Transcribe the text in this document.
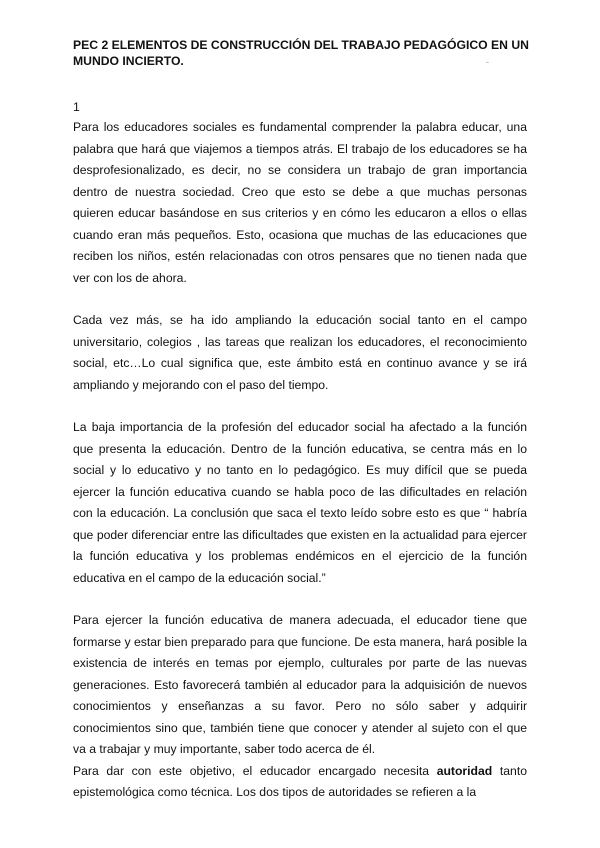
PEC 2 ELEMENTOS DE CONSTRUCCIÓN DEL TRABAJO PEDAGÓGICO EN UN MUNDO INCIERTO.	-

1

Para los educadores sociales es fundamental comprender la palabra educar, una palabra que hará que viajemos a tiempos atrás. El trabajo de los educadores se ha desprofesionalizado, es decir, no se considera un trabajo de gran importancia dentro de nuestra sociedad. Creo que esto se debe a que muchas personas quieren educar basándose en sus criterios y en cómo les educaron a ellos o ellas cuando eran más pequeños. Esto, ocasiona que muchas de las educaciones que reciben los niños, estén relacionadas con otros pensares que no tienen nada que ver con los de ahora.

Cada vez más, se ha ido ampliando la educación social tanto en el campo universitario, colegios , las tareas que realizan los educadores, el reconocimiento social, etc…Lo cual significa que, este ámbito está en continuo avance y se irá ampliando y mejorando con el paso del tiempo.

La baja importancia de la profesión del educador social ha afectado a la función que presenta la educación. Dentro de la función educativa, se centra más en lo social y lo educativo y no tanto en lo pedagógico. Es muy difícil que se pueda ejercer la función educativa cuando se habla poco de las dificultades en relación con la educación. La conclusión que saca el texto leído sobre esto es que “ habría que poder diferenciar entre las dificultades que existen en la actualidad para ejercer la función educativa y los problemas endémicos en el ejercicio de la función educativa en el campo de la educación social.”

Para ejercer la función educativa de manera adecuada, el educador tiene que formarse y estar bien preparado para que funcione. De esta manera, hará posible la existencia de interés en temas por ejemplo, culturales por parte de las nuevas generaciones. Esto favorecerá también al educador para la adquisición de nuevos conocimientos y enseñanzas a su favor. Pero no sólo saber y adquirir conocimientos sino que, también tiene que conocer y atender al sujeto con el que va a trabajar y muy importante, saber todo acerca de él.

Para dar con este objetivo, el educador encargado necesita autoridad tanto epistemológica como técnica. Los dos tipos de autoridades se refieren a la
